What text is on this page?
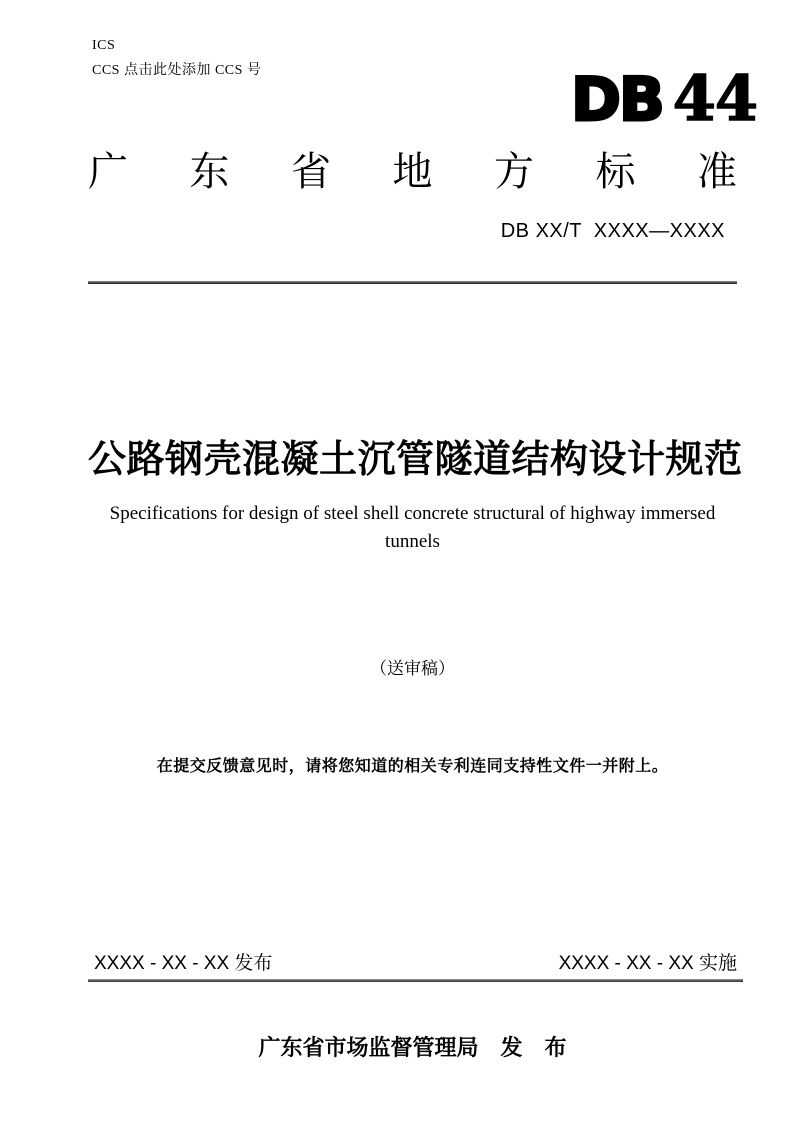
ICS
CCS 点击此处添加 CCS 号	DB 44
广东省地方标准
DB XX/T  XXXX—XXXX
公路钢壳混凝土沉管隧道结构设计规范
Specifications for design of steel shell concrete structural of highway immersed tunnels
（送审稿）
在提交反馈意见时，请将您知道的相关专利连同支持性文件一并附上。
XXXX - XX - XX 发布	XXXX - XX - XX 实施
广东省市场监督管理局　发　布
